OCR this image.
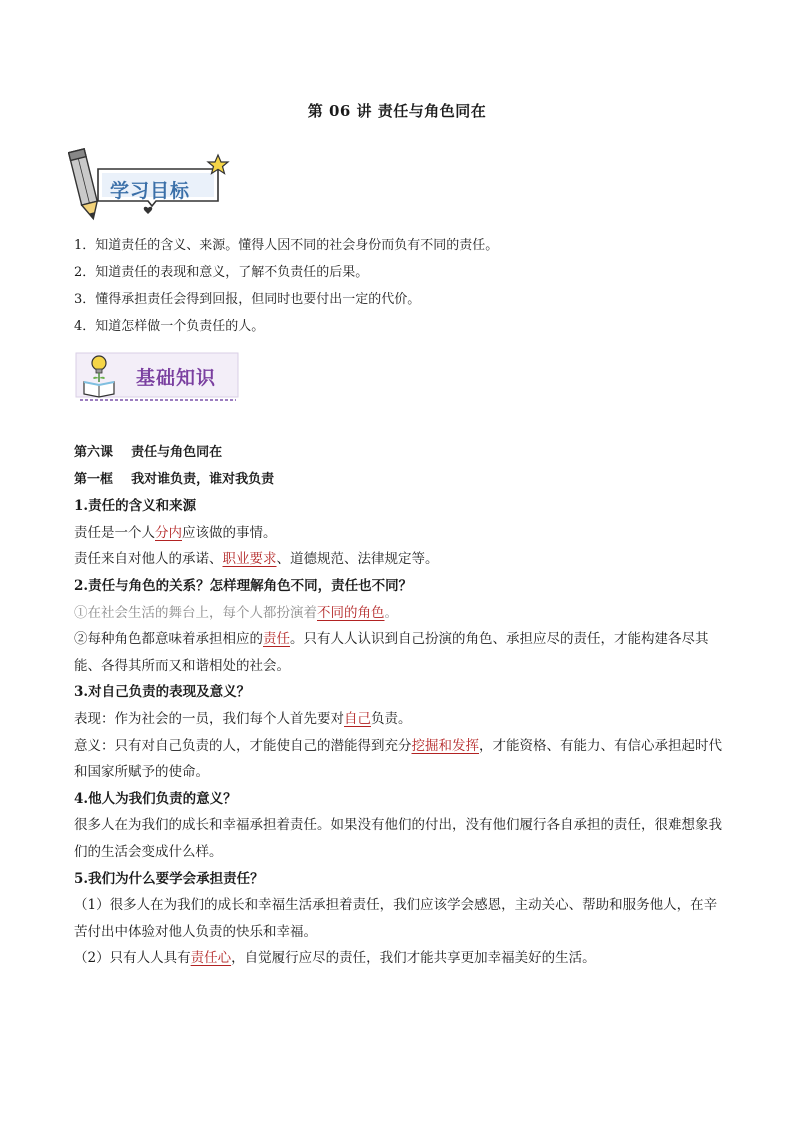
第 06 讲 责任与角色同在
学习目标
1．知道责任的含义、来源。懂得人因不同的社会身份而负有不同的责任。
2．知道责任的表现和意义，了解不负责任的后果。
3．懂得承担责任会得到回报，但同时也要付出一定的代价。
4．知道怎样做一个负责任的人。
基础知识

第六课    责任与角色同在

第一框    我对谁负责，谁对我负责

1.责任的含义和来源

责任是一个人分内应该做的事情。

责任来自对他人的承诺、职业要求、道德规范、法律规定等。

2.责任与角色的关系？怎样理解角色不同，责任也不同？

①在社会生活的舞台上，每个人都扮演着不同的角色。

②每种角色都意味着承担相应的责任。只有人人认识到自己扮演的角色、承担应尽的责任，才能构建各尽其能、各得其所而又和谐相处的社会。

3.对自己负责的表现及意义？

表现：作为社会的一员，我们每个人首先要对自己负责。

意义：只有对自己负责的人，才能使自己的潜能得到充分挖掘和发挥，才能资格、有能力、有信心承担起时代和国家所赋予的使命。

4.他人为我们负责的意义？

很多人在为我们的成长和幸福承担着责任。如果没有他们的付出，没有他们履行各自承担的责任，很难想象我们的生活会变成什么样。

5.我们为什么要学会承担责任？

（1）很多人在为我们的成长和幸福生活承担着责任，我们应该学会感恩，主动关心、帮助和服务他人，在辛苦付出中体验对他人负责的快乐和幸福。

（2）只有人人具有责任心，自觉履行应尽的责任，我们才能共享更加幸福美好的生活。
